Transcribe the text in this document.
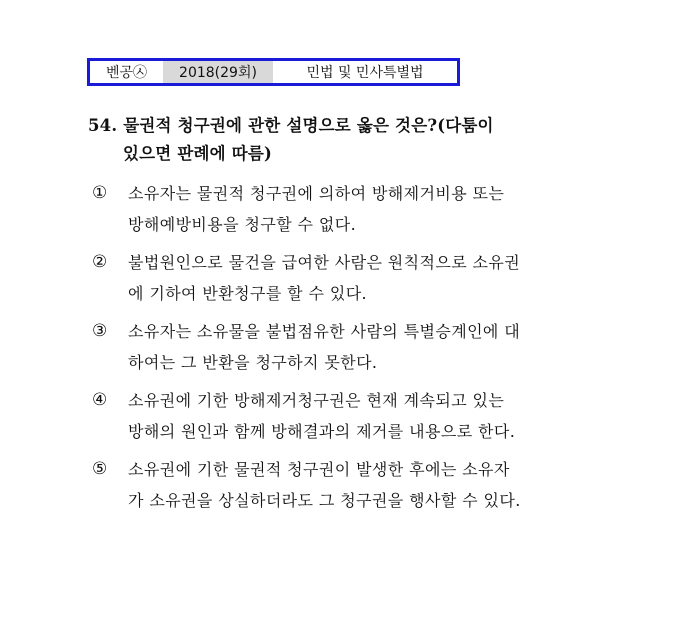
벤공㉦	2018(29회)	민법 및 민사특별법
54. 물권적 청구권에 관한 설명으로 옳은 것은?(다툼이
있으면 판례에 따름)
① 소유자는 물권적 청구권에 의하여 방해제거비용 또는
방해예방비용을 청구할 수 없다.
② 불법원인으로 물건을 급여한 사람은 원칙적으로 소유권
에 기하여 반환청구를 할 수 있다.
③ 소유자는 소유물을 불법점유한 사람의 특별승계인에 대
하여는 그 반환을 청구하지 못한다.
④ 소유권에 기한 방해제거청구권은 현재 계속되고 있는
방해의 원인과 함께 방해결과의 제거를 내용으로 한다.
⑤ 소유권에 기한 물권적 청구권이 발생한 후에는 소유자
가 소유권을 상실하더라도 그 청구권을 행사할 수 있다.
